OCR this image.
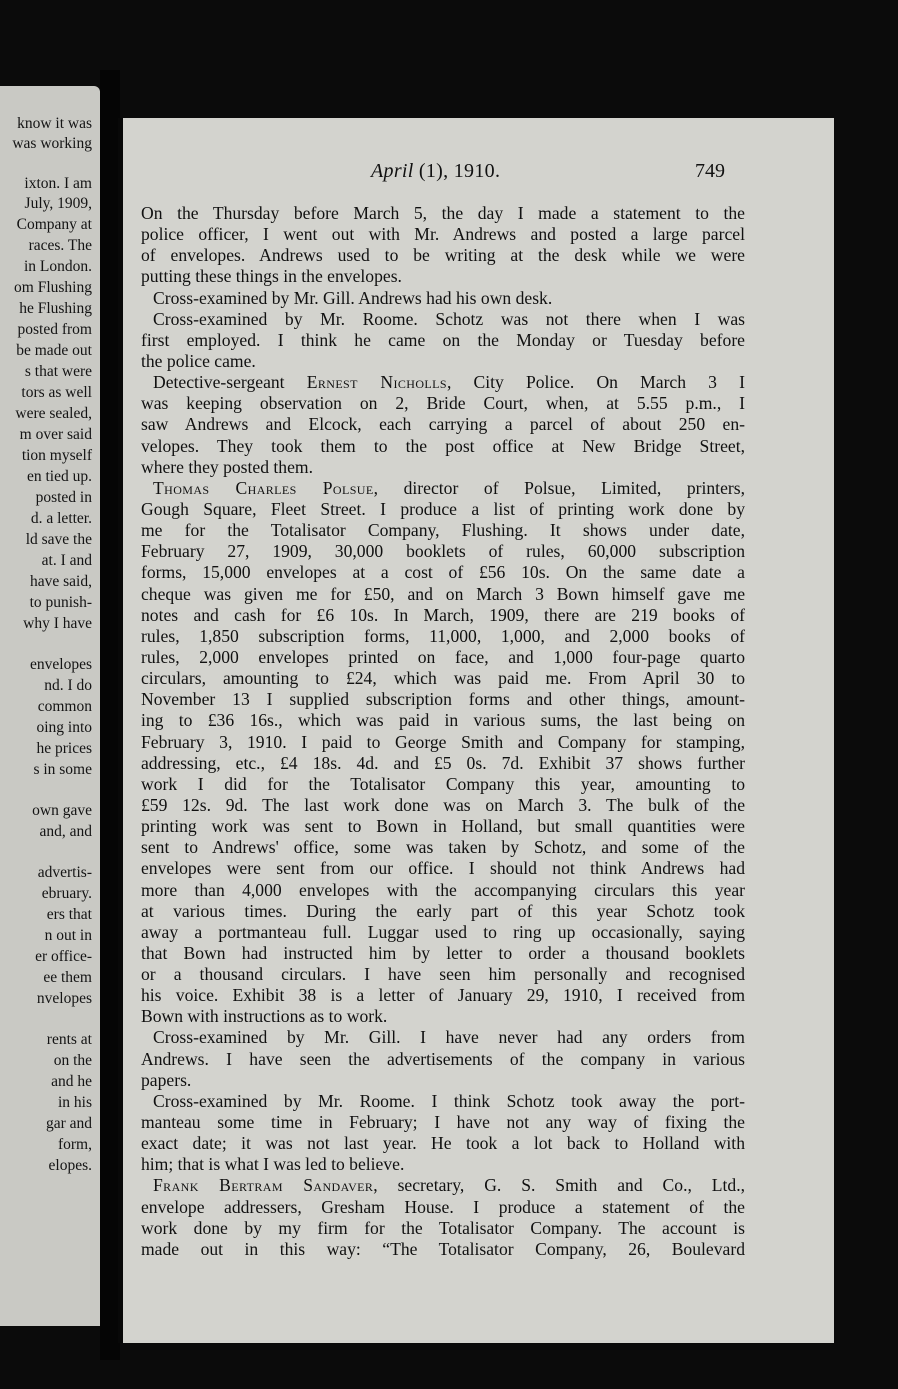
know it was
was working
ixton. I am
July, 1909,
Company at
races. The
in London.
om Flushing
he Flushing
posted from
be made out
s that were
tors as well
were sealed,
m over said
tion myself
en tied up.
posted in
d. a letter.
ld save the
at. I and
have said,
to punish-
why I have
envelopes
nd. I do
common
oing into
he prices
s in some
own gave
and, and
advertis-
ebruary.
ers that
n out in
er office-
ee them
nvelopes
rents at
on the
and he
in his
gar and
form,
elopes.
April (1), 1910.	749
On the Thursday before March 5, the day I made a statement to the
police officer, I went out with Mr. Andrews and posted a large parcel
of envelopes. Andrews used to be writing at the desk while we were
putting these things in the envelopes.
Cross-examined by Mr. Gill. Andrews had his own desk.
Cross-examined by Mr. Roome. Schotz was not there when I was
first employed. I think he came on the Monday or Tuesday before
the police came.
Detective-sergeant Ernest Nicholls, City Police. On March 3 I
was keeping observation on 2, Bride Court, when, at 5.55 p.m., I
saw Andrews and Elcock, each carrying a parcel of about 250 en-
velopes. They took them to the post office at New Bridge Street,
where they posted them.
Thomas Charles Polsue, director of Polsue, Limited, printers,
Gough Square, Fleet Street. I produce a list of printing work done by
me for the Totalisator Company, Flushing. It shows under date,
February 27, 1909, 30,000 booklets of rules, 60,000 subscription
forms, 15,000 envelopes at a cost of £56 10s. On the same date a
cheque was given me for £50, and on March 3 Bown himself gave me
notes and cash for £6 10s. In March, 1909, there are 219 books of
rules, 1,850 subscription forms, 11,000, 1,000, and 2,000 books of
rules, 2,000 envelopes printed on face, and 1,000 four-page quarto
circulars, amounting to £24, which was paid me. From April 30 to
November 13 I supplied subscription forms and other things, amount-
ing to £36 16s., which was paid in various sums, the last being on
February 3, 1910. I paid to George Smith and Company for stamping,
addressing, etc., £4 18s. 4d. and £5 0s. 7d. Exhibit 37 shows further
work I did for the Totalisator Company this year, amounting to
£59 12s. 9d. The last work done was on March 3. The bulk of the
printing work was sent to Bown in Holland, but small quantities were
sent to Andrews' office, some was taken by Schotz, and some of the
envelopes were sent from our office. I should not think Andrews had
more than 4,000 envelopes with the accompanying circulars this year
at various times. During the early part of this year Schotz took
away a portmanteau full. Luggar used to ring up occasionally, saying
that Bown had instructed him by letter to order a thousand booklets
or a thousand circulars. I have seen him personally and recognised
his voice. Exhibit 38 is a letter of January 29, 1910, I received from
Bown with instructions as to work.
Cross-examined by Mr. Gill. I have never had any orders from
Andrews. I have seen the advertisements of the company in various
papers.
Cross-examined by Mr. Roome. I think Schotz took away the port-
manteau some time in February; I have not any way of fixing the
exact date; it was not last year. He took a lot back to Holland with
him; that is what I was led to believe.
Frank Bertram Sandaver, secretary, G. S. Smith and Co., Ltd.,
envelope addressers, Gresham House. I produce a statement of the
work done by my firm for the Totalisator Company. The account is
made out in this way: “The Totalisator Company, 26, Boulevard
